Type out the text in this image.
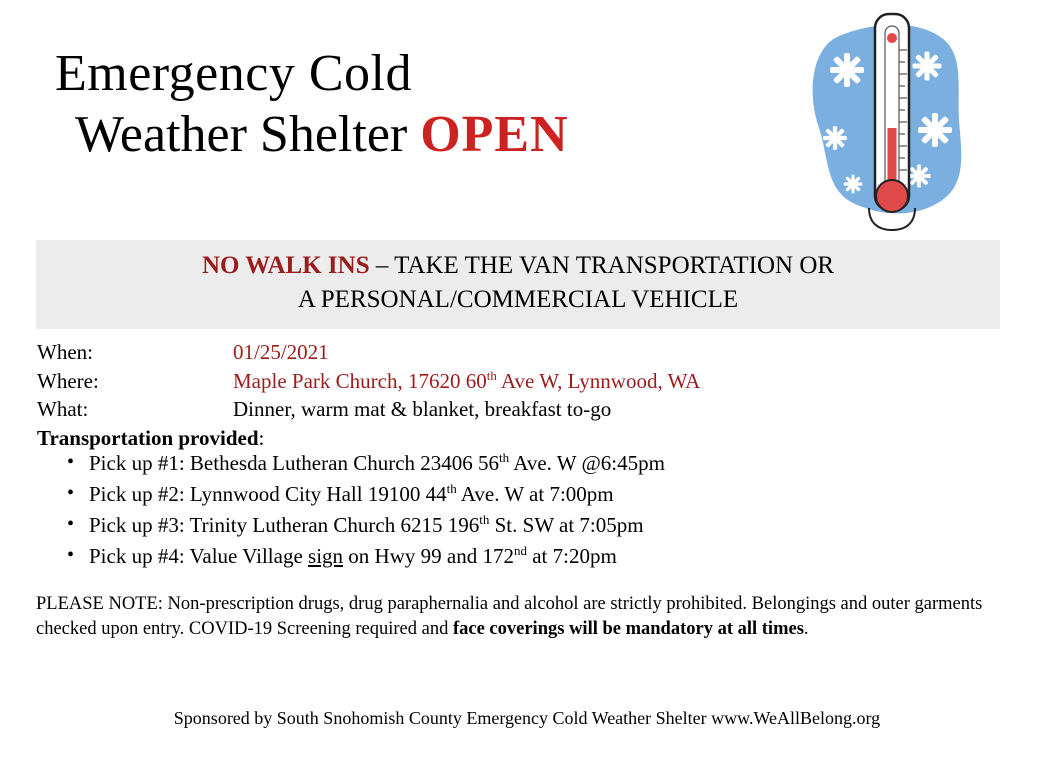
Emergency Cold
Weather Shelter OPEN
NO WALK INS – TAKE THE VAN TRANSPORTATION OR
A PERSONAL/COMMERCIAL VEHICLE
When:	01/25/2021
Where:	Maple Park Church, 17620 60th Ave W, Lynnwood, WA
What:	Dinner, warm mat & blanket, breakfast to-go
Transportation provided:
• Pick up #1: Bethesda Lutheran Church 23406 56th Ave. W @6:45pm
• Pick up #2: Lynnwood City Hall 19100 44th Ave. W at 7:00pm
• Pick up #3: Trinity Lutheran Church 6215 196th St. SW at 7:05pm
• Pick up #4: Value Village sign on Hwy 99 and 172nd at 7:20pm
PLEASE NOTE: Non-prescription drugs, drug paraphernalia and alcohol are strictly prohibited. Belongings and outer garments checked upon entry. COVID-19 Screening required and face coverings will be mandatory at all times.
Sponsored by South Snohomish County Emergency Cold Weather Shelter www.WeAllBelong.org
